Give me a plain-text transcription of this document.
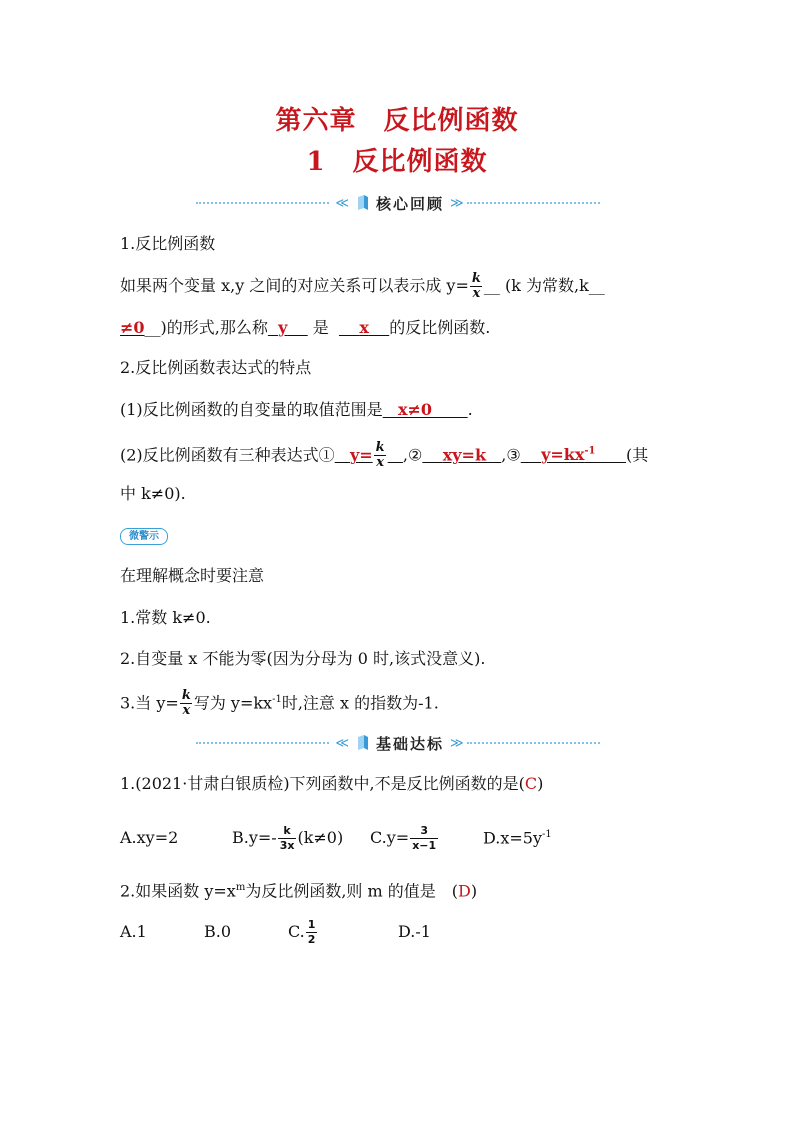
第六章　反比例函数
1　反比例函数
≪ 核心回顾 ≫
1.反比例函数
如果两个变量 x,y 之间的对应关系可以表示成 $y= \frac{k}{x}$ __ (k 为常数,k__
≠0__)的形式,那么称 y 是 x 的反比例函数.
2.反比例函数表达式的特点
(1)反比例函数的自变量的取值范围是 x≠0 .
(2)反比例函数有三种表达式① $y= \frac{k}{x}$ ,② xy=k ,③ $y=kx^{-1}$ (其
中 k≠0).
微警示
在理解概念时要注意
1.常数 k≠0.
2.自变量 x 不能为零(因为分母为 0 时,该式没意义).
3.当 $y= \frac{k}{x}$ 写为 $y=kx^{-1}$时,注意 x 的指数为-1.
≪ 基础达标 ≫
1.(2021·甘肃白银质检)下列函数中,不是反比例函数的是(C)
A.xy=2	$B.y=- \frac{k}{3x} (k\ne 0)$ $C.y= \frac{3}{x-1}$	$D.x=5y^{-1}$
2.如果函数 $y=x^m$为反比例函数,则 m 的值是　(D)
A.1	B.0	C. $\frac{1}{2}$	D.-1
